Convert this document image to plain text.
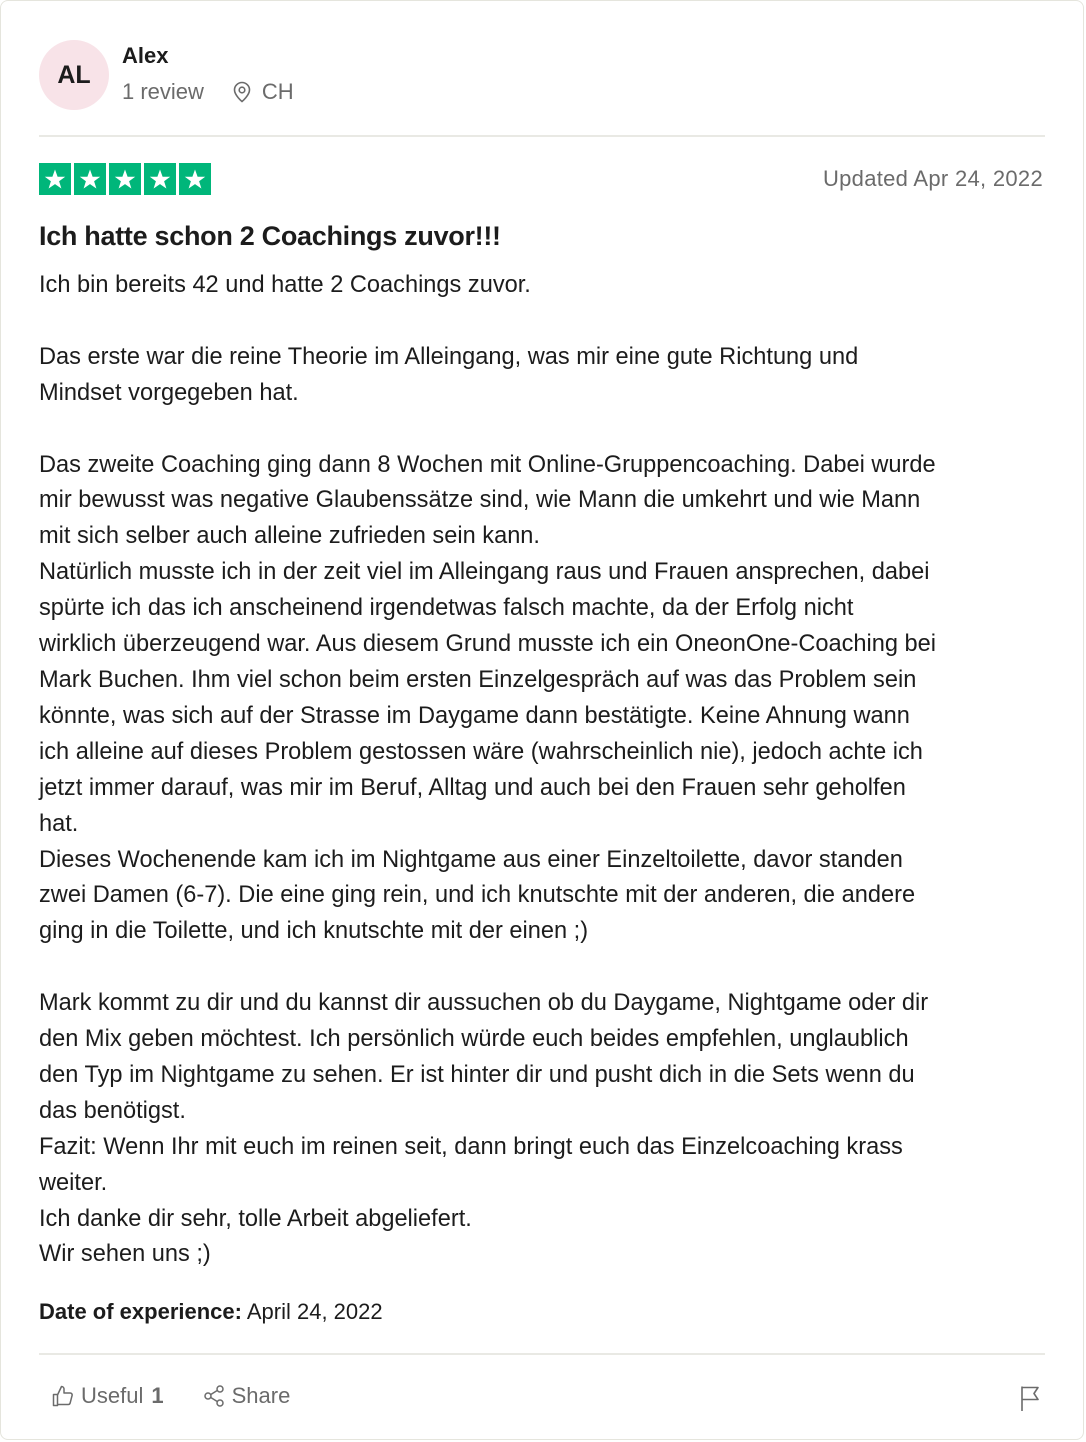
AL
Alex
1 review	CH
Updated Apr 24, 2022
Ich hatte schon 2 Coachings zuvor!!!

Ich bin bereits 42 und hatte 2 Coachings zuvor.

Das erste war die reine Theorie im Alleingang, was mir eine gute Richtung und

Mindset vorgegeben hat.

Das zweite Coaching ging dann 8 Wochen mit Online-Gruppencoaching. Dabei wurde

mir bewusst was negative Glaubenssätze sind, wie Mann die umkehrt und wie Mann

mit sich selber auch alleine zufrieden sein kann.

Natürlich musste ich in der zeit viel im Alleingang raus und Frauen ansprechen, dabei

spürte ich das ich anscheinend irgendetwas falsch machte, da der Erfolg nicht

wirklich überzeugend war. Aus diesem Grund musste ich ein OneonOne-Coaching bei

Mark Buchen. Ihm viel schon beim ersten Einzelgespräch auf was das Problem sein

könnte, was sich auf der Strasse im Daygame dann bestätigte. Keine Ahnung wann

ich alleine auf dieses Problem gestossen wäre (wahrscheinlich nie), jedoch achte ich

jetzt immer darauf, was mir im Beruf, Alltag und auch bei den Frauen sehr geholfen

hat.

Dieses Wochenende kam ich im Nightgame aus einer Einzeltoilette, davor standen

zwei Damen (6-7). Die eine ging rein, und ich knutschte mit der anderen, die andere

ging in die Toilette, und ich knutschte mit der einen ;)

Mark kommt zu dir und du kannst dir aussuchen ob du Daygame, Nightgame oder dir

den Mix geben möchtest. Ich persönlich würde euch beides empfehlen, unglaublich

den Typ im Nightgame zu sehen. Er ist hinter dir und pusht dich in die Sets wenn du

das benötigst.

Fazit: Wenn Ihr mit euch im reinen seit, dann bringt euch das Einzelcoaching krass

weiter.

Ich danke dir sehr, tolle Arbeit abgeliefert.

Wir sehen uns ;)

Date of experience: April 24, 2022
Useful 1	Share
